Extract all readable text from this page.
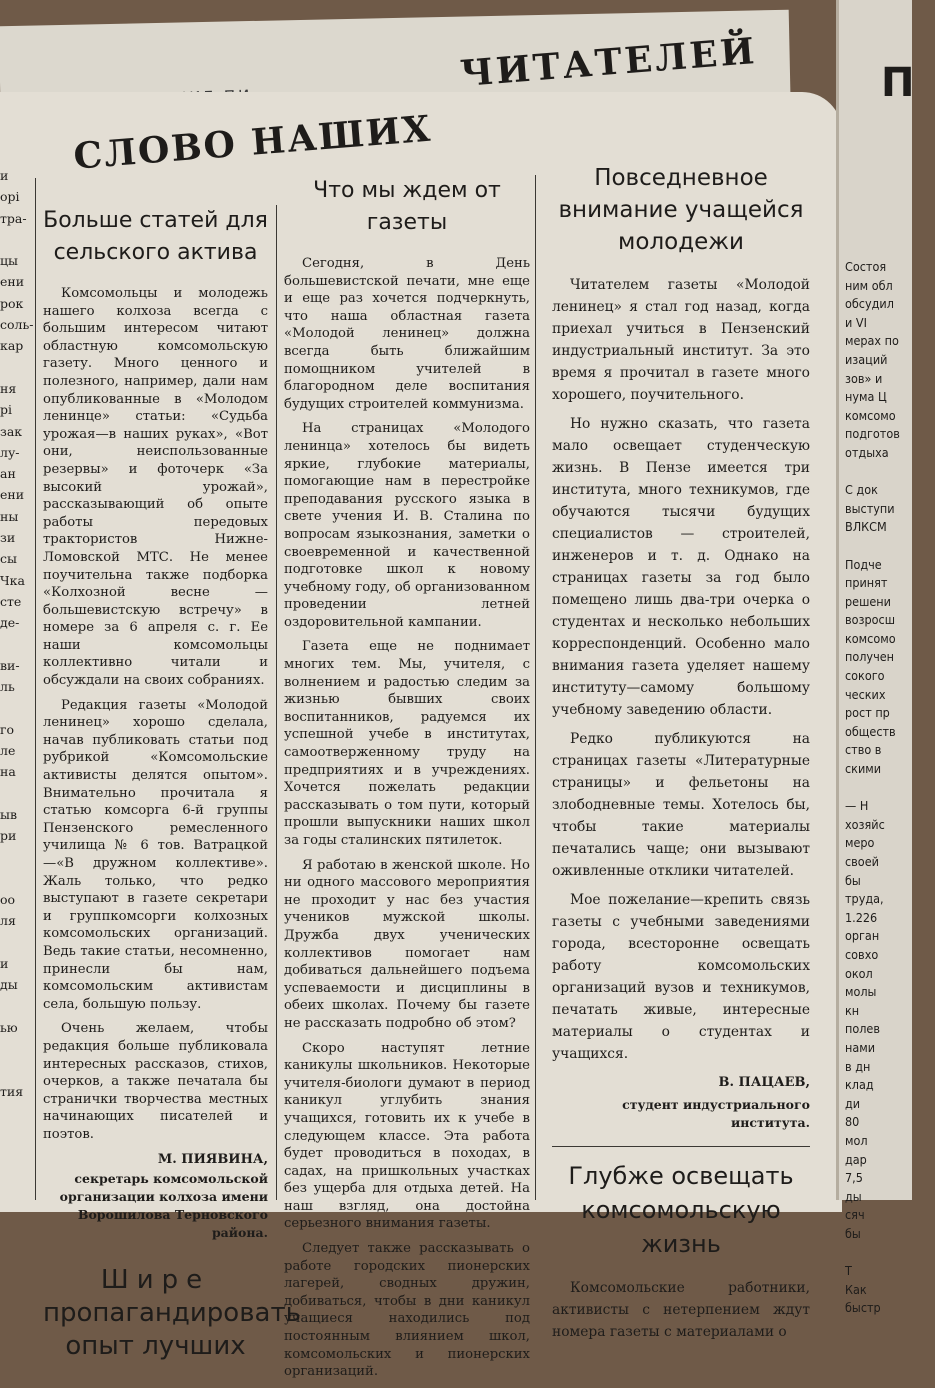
П
Состоя
ним обл
обсудил
и VI
мерах по
изаций
зов» и
нума Ц
комсомо
подготов
отдыха
С док
выступи
ВЛКСМ
Подче
принят
решени
возросш
комсомо
получен
сокого
ческих
рост пр
обществ
ство в
скими
— Н
хозяйс
меро
своей
бы
труда,
1.226
орган
совхо
окол
молы
кн
полев
нами
в дн
клад
ди
80
мол
дар
7,5
ды
сяч
бы
Т
Как
быстр
и
орі
тра-
цы
ени
рок
соль-
кар
ня
рі
зак
лу-
ан
ени
ны
зи
сы
Чка
сте
де-
ви-
ль
го
ле
на
ыв
ри
оо
ля
и
ды
ью
тия
ЧИТАТЕЛЕЙ
СЛОВО НАШИХ
Больше статей для сельского актива

Комсомольцы и молодежь нашего колхоза всегда с большим интересом читают областную комсомольскую газету. Много ценного и полезного, например, дали нам опубликованные в «Молодом ленинце» статьи: «Судьба урожая—в наших руках», «Вот они, неиспользованные резервы» и фоточерк «За высокий урожай», рассказывающий об опыте работы передовых трактористов Нижне-Ломовской МТС. Не менее поучительна также подборка «Колхозной весне — большевистскую встречу» в номере за 6 апреля с. г. Ее наши комсомольцы коллективно читали и обсуждали на своих собраниях.

Редакция газеты «Молодой ленинец» хорошо сделала, начав публиковать статьи под рубрикой «Комсомольские активисты делятся опытом». Внимательно прочитала я статью комсорга 6-й группы Пензенского ремесленного училища № 6 тов. Ватрацкой—«В дружном коллективе». Жаль только, что редко выступают в газете секретари и группкомсорги колхозных комсомольских организаций. Ведь такие статьи, несомненно, принесли бы нам, комсомольским активистам села, большую пользу.

Очень желаем, чтобы редакция больше публиковала интересных рассказов, стихов, очерков, а также печатала бы странички творчества местных начинающих писателей и поэтов.

М. ПИЯВИНА,
секретарь комсомольской организации колхоза имени Ворошилова Терновского района.
Шире
пропагандировать
опыт лучших
Что мы ждем от газеты

Сегодня, в День большевистской печати, мне еще и еще раз хочется подчеркнуть, что наша областная газета «Молодой ленинец» должна всегда быть ближайшим помощником учителей в благородном деле воспитания будущих строителей коммунизма.

На страницах «Молодого ленинца» хотелось бы видеть яркие, глубокие материалы, помогающие нам в перестройке преподавания русского языка в свете учения И. В. Сталина по вопросам языкознания, заметки о своевременной и качественной подготовке школ к новому учебному году, об организованном проведении летней оздоровительной кампании.

Газета еще не поднимает многих тем. Мы, учителя, с волнением и радостью следим за жизнью бывших своих воспитанников, радуемся их успешной учебе в институтах, самоотверженному труду на предприятиях и в учреждениях. Хочется пожелать редакции рассказывать о том пути, который прошли выпускники наших школ за годы сталинских пятилеток.

Я работаю в женской школе. Но ни одного массового мероприятия не проходит у нас без участия учеников мужской школы. Дружба двух ученических коллективов помогает нам добиваться дальнейшего подъема успеваемости и дисциплины в обеих школах. Почему бы газете не рассказать подробно об этом?

Скоро наступят летние каникулы школьников. Некоторые учителя-биологи думают в период каникул углубить знания учащихся, готовить их к учебе в следующем классе. Эта работа будет проводиться в походах, в садах, на пришкольных участках без ущерба для отдыха детей. На наш взгляд, она достойна серьезного внимания газеты.

Следует также рассказывать о работе городских пионерских лагерей, сводных дружин, добиваться, чтобы в дни каникул учащиеся находились под постоянным влиянием школ, комсомольских и пионерских организаций.

Повседневное внимание учащейся молодежи

Читателем газеты «Молодой ленинец» я стал год назад, когда приехал учиться в Пензенский индустриальный институт. За это время я прочитал в газете много хорошего, поучительного.

Но нужно сказать, что газета мало освещает студенческую жизнь. В Пензе имеется три института, много техникумов, где обучаются тысячи будущих специалистов — строителей, инженеров и т. д. Однако на страницах газеты за год было помещено лишь два-три очерка о студентах и несколько небольших корреспонденций. Особенно мало внимания газета уделяет нашему институту—самому большому учебному заведению области.

Редко публикуются на страницах газеты «Литературные страницы» и фельетоны на злободневные темы. Хотелось бы, чтобы такие материалы печатались чаще; они вызывают оживленные отклики читателей.

Мое пожелание—крепить связь газеты с учебными заведениями города, всесторонне освещать работу комсомольских организаций вузов и техникумов, печатать живые, интересные материалы о студентах и учащихся.

В. ПАЦАЕВ,
студент индустриального института.
Глубже освещать комсомольскую жизнь

Комсомольские работники, активисты с нетерпением ждут номера газеты с материалами о
